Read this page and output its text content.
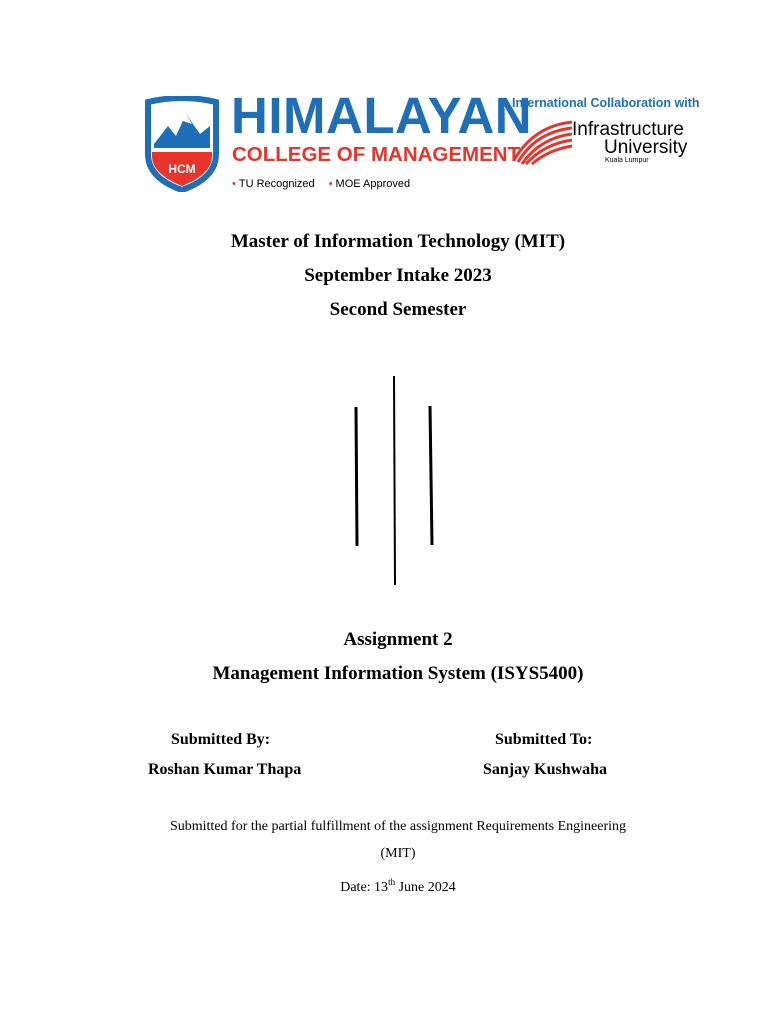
HCM
HIMALAYAN
COLLEGE OF MANAGEMENT
• TU Recognized
•	MOE Approved
International Collaboration with
Infrastructure
University
Kuala Lumpur
Master of Information Technology (MIT)
September Intake 2023
Second Semester
Assignment 2
Management Information System (ISYS5400)
Submitted By:
Roshan Kumar Thapa
Submitted To:
Sanjay Kushwaha
Submitted for the partial fulfillment of the assignment Requirements Engineering
(MIT)
Date: 13th June 2024
